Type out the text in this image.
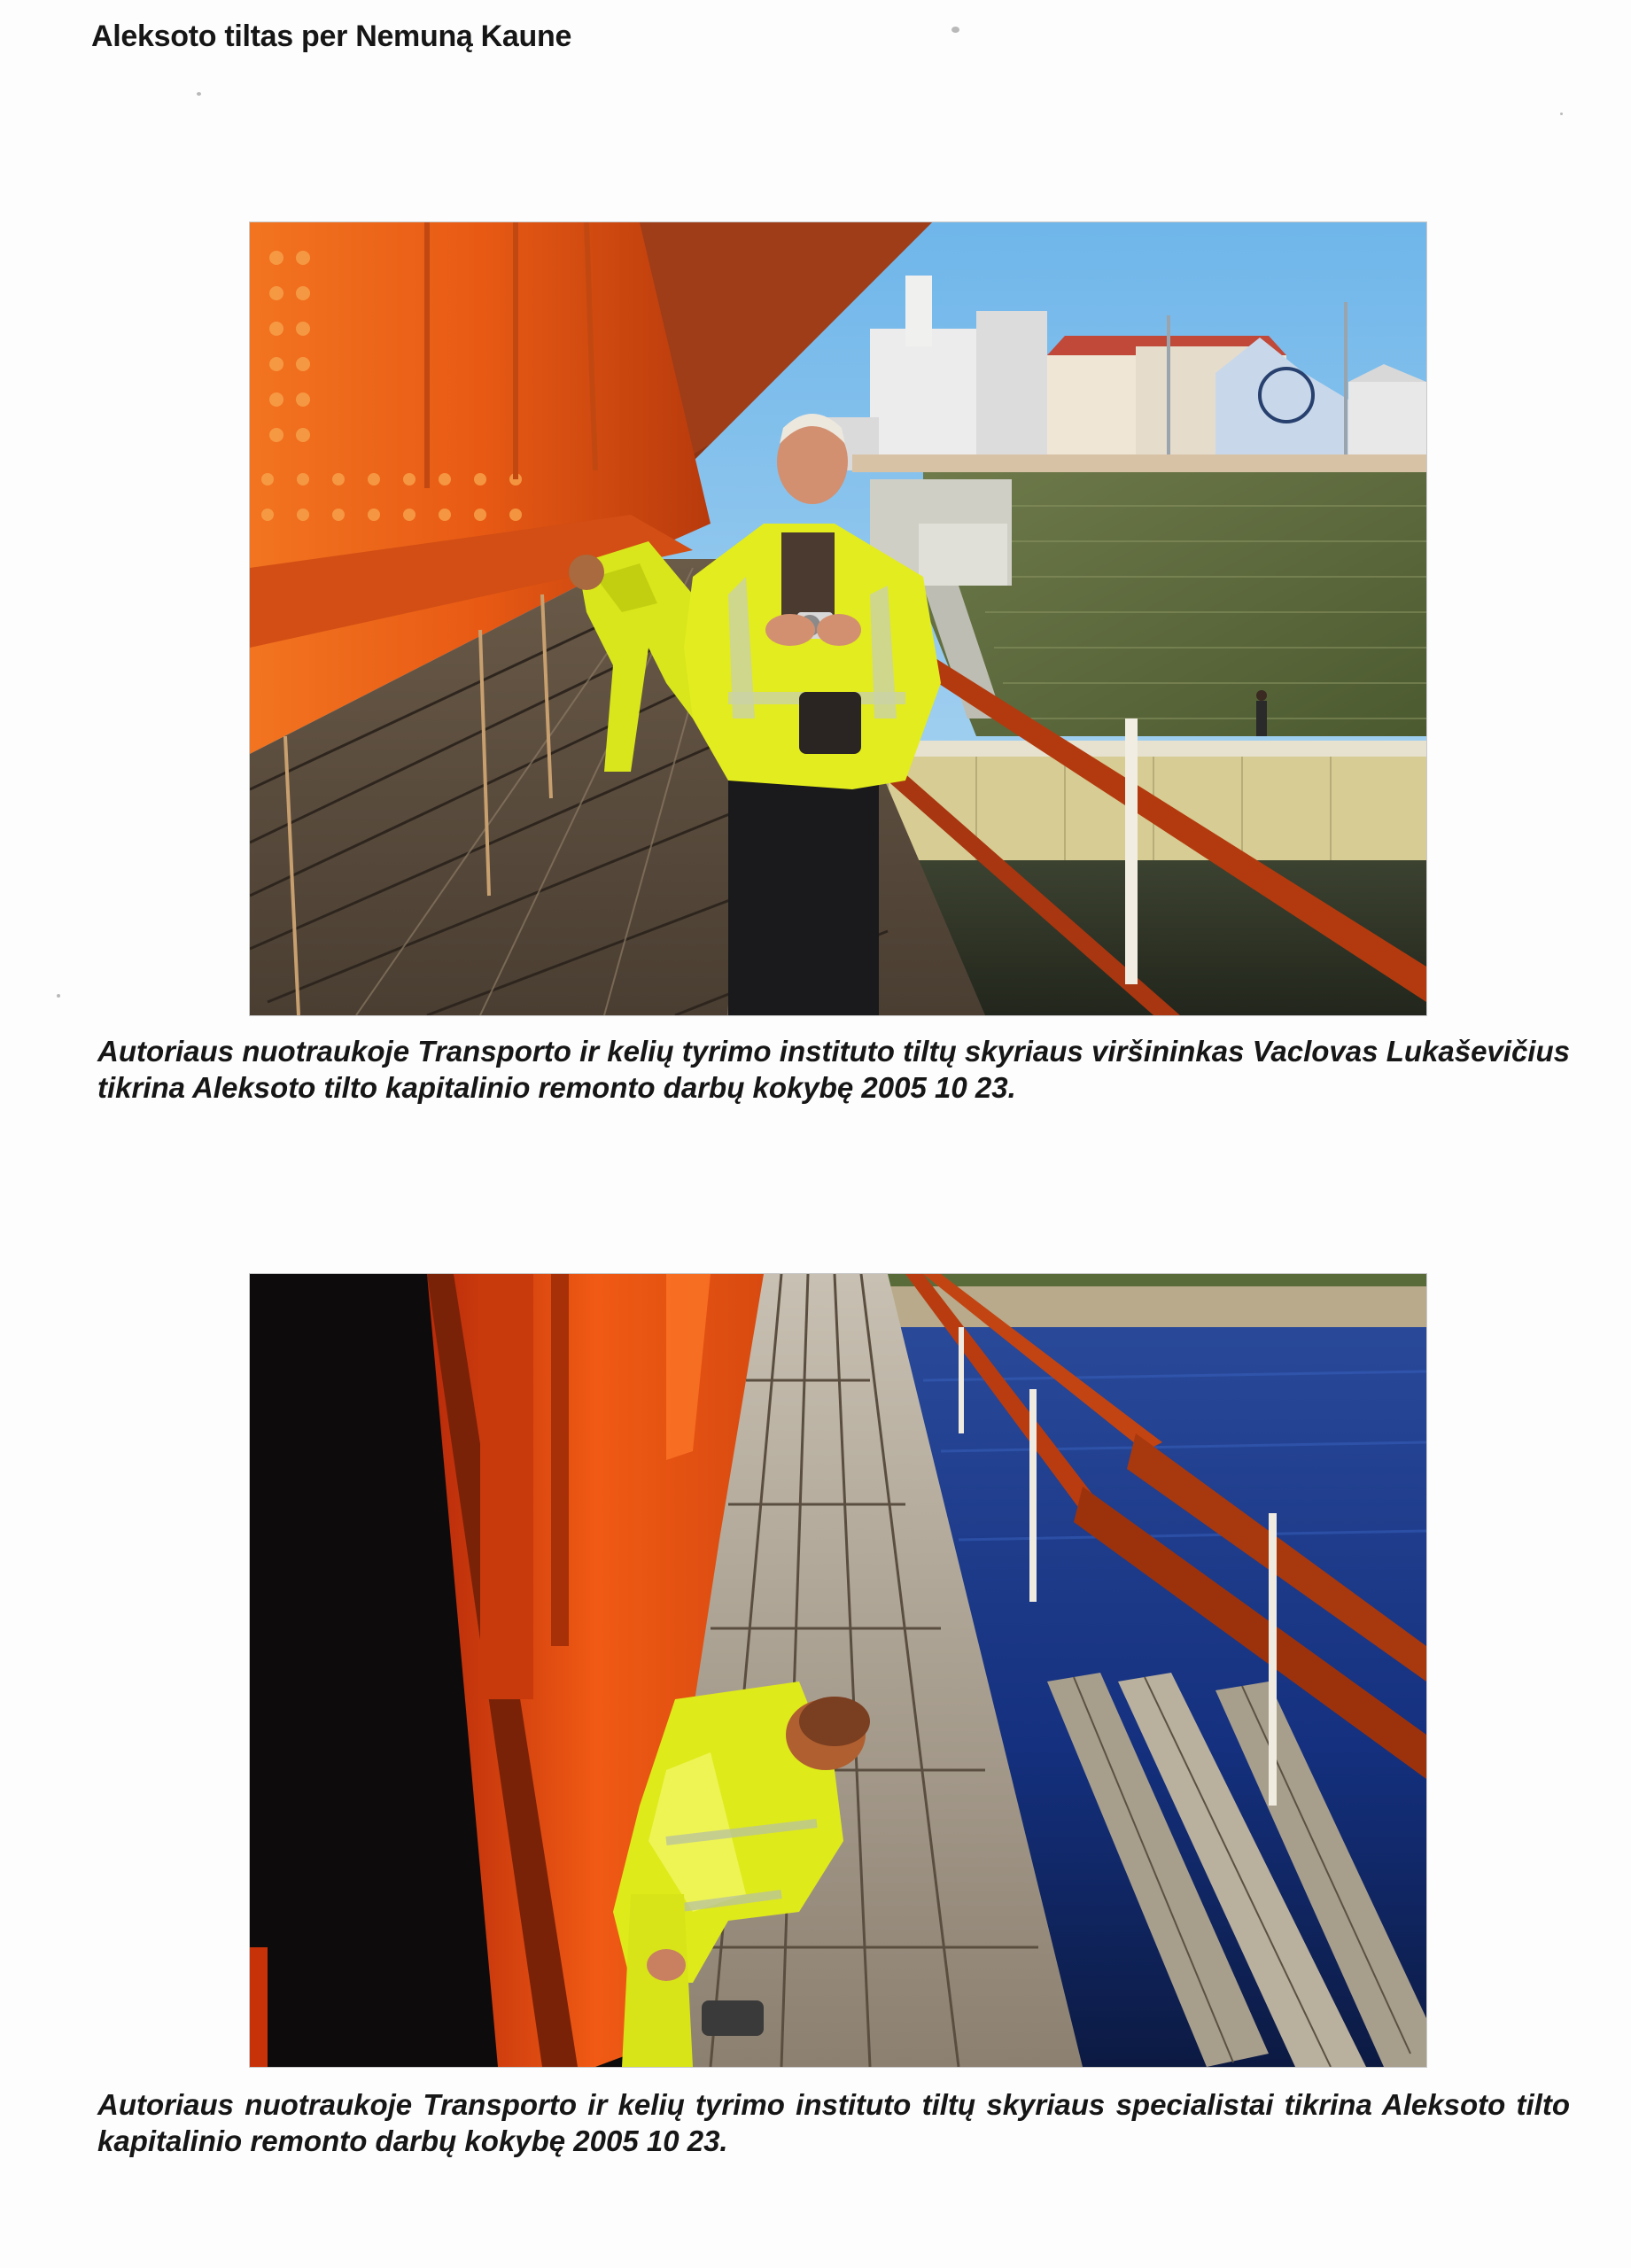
Aleksoto tiltas per Nemuną Kaune
Autoriaus nuotraukoje Transporto ir kelių tyrimo instituto tiltų skyriaus viršininkas Vaclovas Lukaševičius tikrina Aleksoto tilto kapitalinio remonto darbų kokybę 2005 10 23.
Autoriaus nuotraukoje Transporto ir kelių tyrimo instituto tiltų skyriaus specialistai tikrina Aleksoto tilto kapitalinio remonto darbų kokybę 2005 10 23.
